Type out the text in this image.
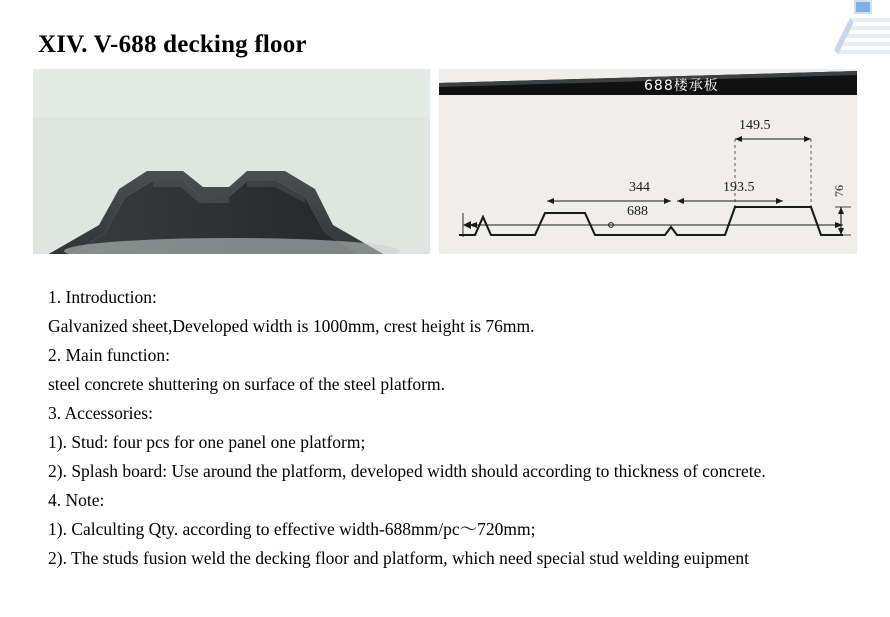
XIV. V-688 decking floor
688楼承板
149.5
76
193.5
344
688
1. Introduction:
Galvanized sheet,Developed width is 1000mm, crest height is 76mm.
2. Main function:
steel concrete shuttering on surface of the steel platform.
3. Accessories:
1). Stud: four pcs for one panel one platform;
2). Splash board: Use around the platform, developed width should according to thickness of concrete.
4. Note:
1). Calculting Qty. according to effective width-688mm/pc～720mm;
2). The studs fusion weld the decking floor and platform, which need special stud welding euipment
